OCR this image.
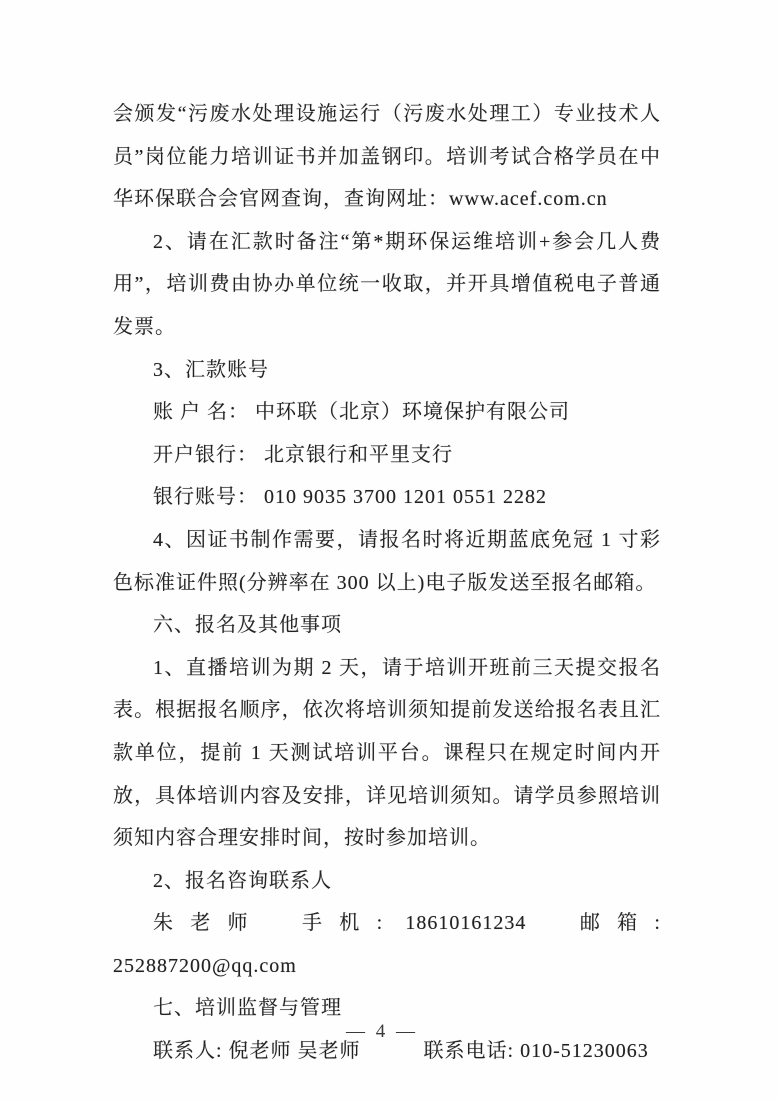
会颁发“污废水处理设施运行（污废水处理工）专业技术人员”岗位能力培训证书并加盖钢印。培训考试合格学员在中华环保联合会官网查询，查询网址：www.acef.com.cn

2、请在汇款时备注“第*期环保运维培训+参会几人费用”，培训费由协办单位统一收取，并开具增值税电子普通发票。

3、汇款账号

账 户 名： 中环联（北京）环境保护有限公司

开户银行： 北京银行和平里支行

银行账号： 010 9035 3700 1201 0551 2282

4、因证书制作需要，请报名时将近期蓝底免冠 1 寸彩色标准证件照(分辨率在 300 以上)电子版发送至报名邮箱。

六、报名及其他事项

1、直播培训为期 2 天，请于培训开班前三天提交报名表。根据报名顺序，依次将培训须知提前发送给报名表且汇款单位，提前 1 天测试培训平台。课程只在规定时间内开放，具体培训内容及安排，详见培训须知。请学员参照培训须知内容合理安排时间，按时参加培训。

2、报名咨询联系人

朱老师　手机: 18610161234　邮箱: 252887200@qq.com

七、培训监督与管理

联系人: 倪老师 吴老师　　　联系电话: 010-51230063

— 4 —
